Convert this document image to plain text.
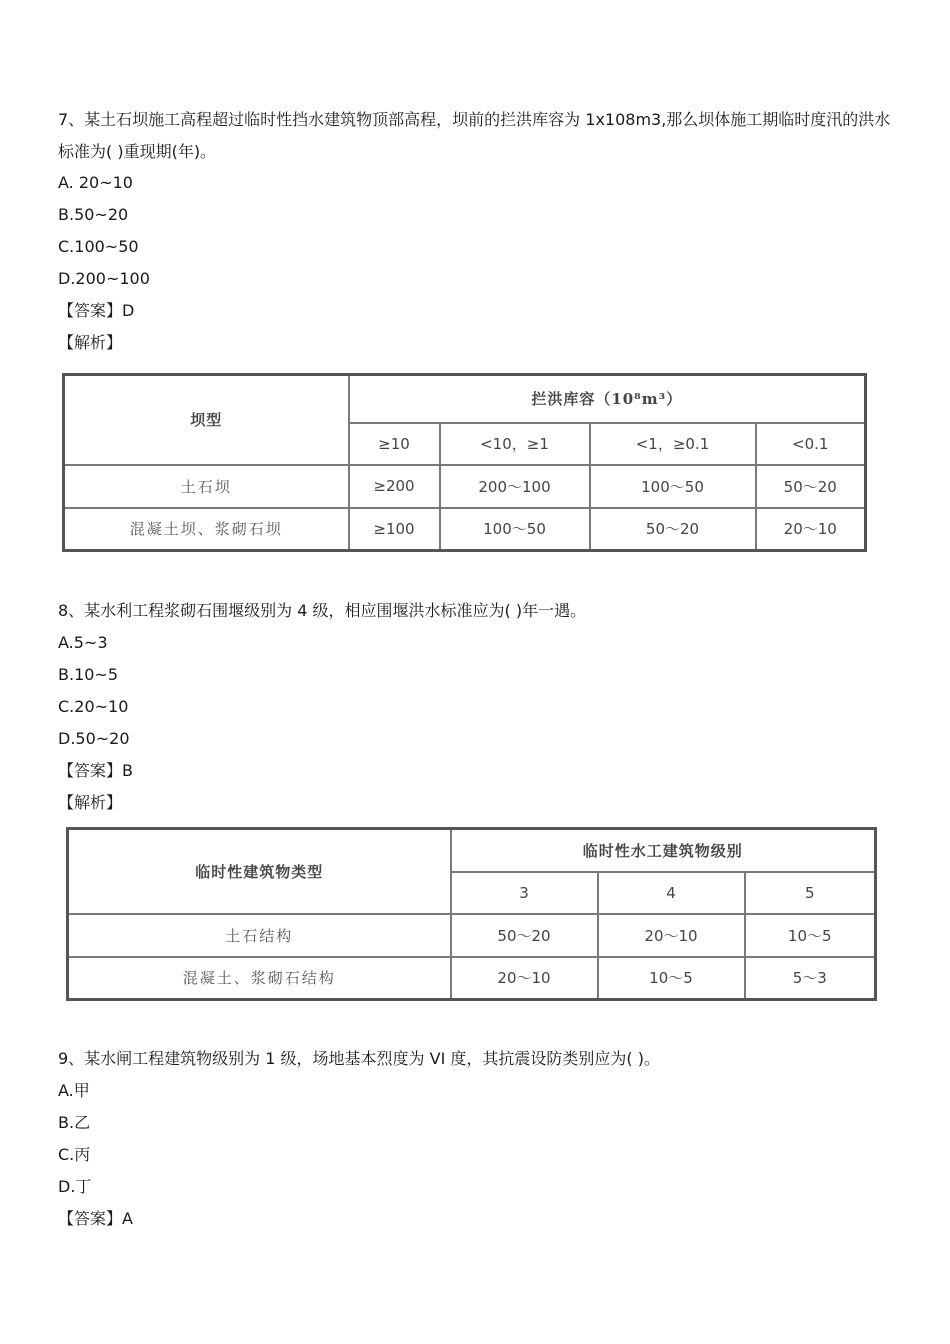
7、某土石坝施工高程超过临时性挡水建筑物顶部高程，坝前的拦洪库容为 1x108m3,那么坝体施工期临时度汛的洪水标准为( )重现期(年)。
A. 20~10
B.50~20
C.100~50
D.200~100
【答案】D
【解析】
坝型	拦洪库容（10⁸m³）			
	≥10	<10，≥1	<1，≥0.1	<0.1
土石坝	≥200	200～100	100～50	50～20
混凝土坝、浆砌石坝	≥100	100～50	50～20	20～10
8、某水利工程浆砌石围堰级别为 4 级，相应围堰洪水标准应为( )年一遇。
A.5~3
B.10~5
C.20~10
D.50~20
【答案】B
【解析】
临时性建筑物类型	临时性水工建筑物级别		
	3	4	5
土石结构	50～20	20～10	10～5
混凝土、浆砌石结构	20～10	10～5	5～3
9、某水闸工程建筑物级别为 1 级，场地基本烈度为 VI 度，其抗震设防类别应为( )。
A.甲
B.乙
C.丙
D.丁
【答案】A
